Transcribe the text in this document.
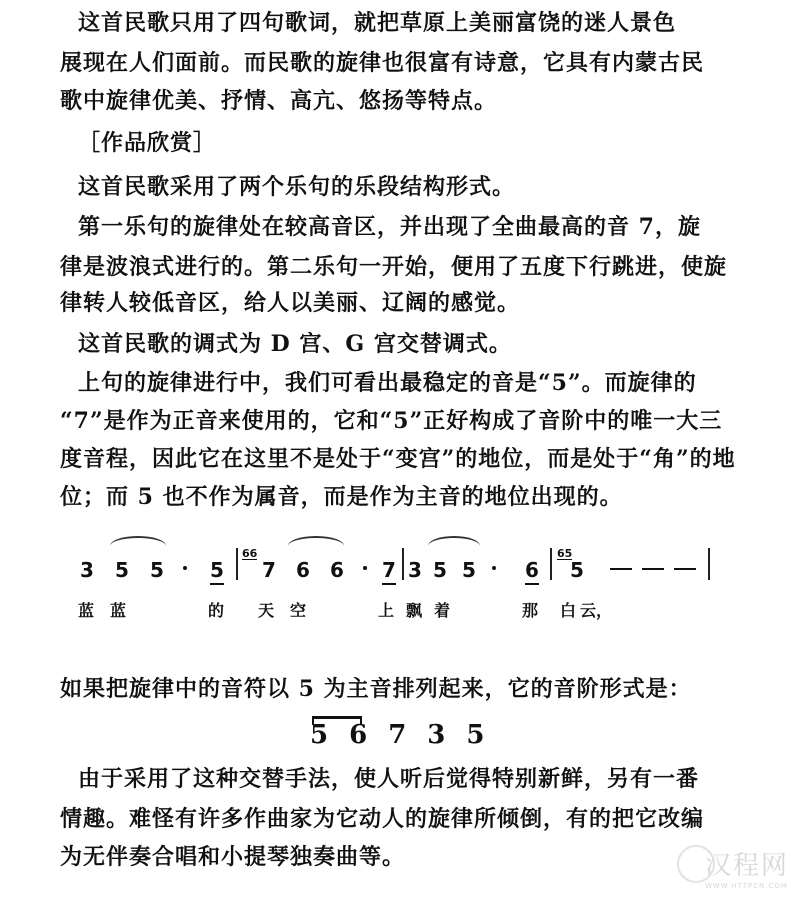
这首民歌只用了四句歌词，就把草原上美丽富饶的迷人景色
展现在人们面前。而民歌的旋律也很富有诗意，它具有内蒙古民
歌中旋律优美、抒情、高亢、悠扬等特点。
［作品欣赏］
这首民歌采用了两个乐句的乐段结构形式。
第一乐句的旋律处在较高音区，并出现了全曲最高的音 7，旋
律是波浪式进行的。第二乐句一开始，便用了五度下行跳进，使旋
律转人较低音区，给人以美丽、辽阔的感觉。
这首民歌的调式为 D 宫、G 宫交替调式。
上句的旋律进行中，我们可看出最稳定的音是“5”。而旋律的
“7”是作为正音来使用的，它和“5”正好构成了音阶中的唯一大三
度音程，因此它在这里不是处于“变宫”的地位，而是处于“角”的地
位；而 5 也不作为属音，而是作为主音的地位出现的。
3 5 5 5
66
7 6 6 7 3 5 5 6
65
5
蓝 蓝	的 天 空	上 飘 着	那 白 云，
如果把旋律中的音符以 5 为主音排列起来，它的音阶形式是：
5 6 7 3 5
由于采用了这种交替手法，使人听后觉得特别新鲜，另有一番
情趣。难怪有许多作曲家为它动人的旋律所倾倒，有的把它改编
为无伴奏合唱和小提琴独奏曲等。	汉程网
WWW.HTTPCN.COM
